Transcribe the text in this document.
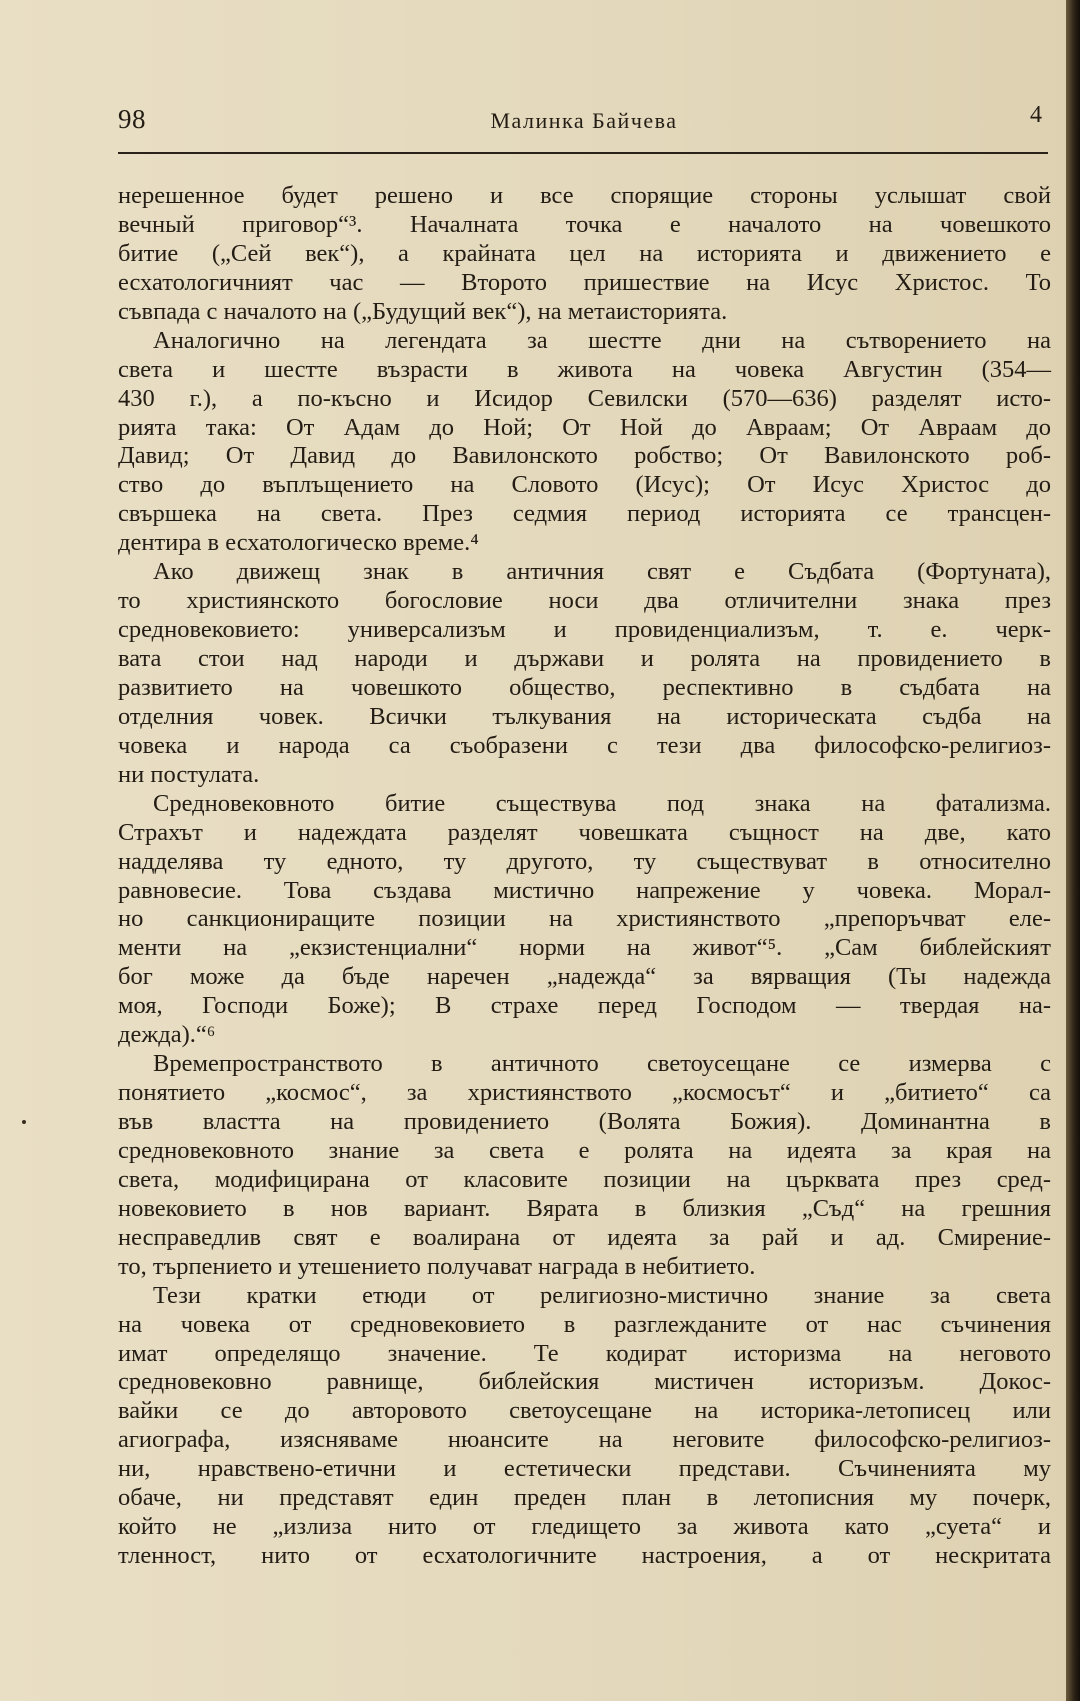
98	Малинка Байчева	4
нерешенное будет решено и все спорящие стороны услышат свой
вечный приговор“³. Началната точка е началото на човешкото
битие („Сей век“), а крайната цел на историята и движението е
есхатологичният час — Второто пришествие на Исус Христос. То
съвпада с началото на („Будущий век“), на метаисторията.
Аналогично на легендата за шестте дни на сътворението на
света и шестте възрасти в живота на човека Августин (354—
430 г.), а по-късно и Исидор Севилски (570—636) разделят исто-
рията така: От Адам до Ной; От Ной до Авраам; От Авраам до
Давид; От Давид до Вавилонското робство; От Вавилонското роб-
ство до въплъщението на Словото (Исус); От Исус Христос до
свършека на света. През седмия период историята се трансцен-
дентира в есхатологическо време.⁴
Ако движещ знак в античния свят е Съдбата (Фортуната),
то християнското богословие носи два отличителни знака през
средновековието: универсализъм и провиденциализъм, т. е. черк-
вата стои над народи и държави и ролята на провидението в
развитието на човешкото общество, респективно в съдбата на
отделния човек. Всички тълкувания на историческата съдба на
човека и народа са съобразени с тези два философско-религиоз-
ни постулата.
Средновековното битие съществува под знака на фатализма.
Страхът и надеждата разделят човешката същност на две, като
надделява ту едното, ту другото, ту съществуват в относително
равновесие. Това създава мистично напрежение у човека. Морал-
но санкциониращите позиции на християнството „препоръчват еле-
менти на „екзистенциални“ норми на живот“⁵. „Сам библейският
бог може да бъде наречен „надежда“ за вярващия (Ты надежда
моя, Господи Боже); В страхе перед Господом — твердая на-
дежда).“⁶
Времепространството в античното светоусещане се измерва с
понятието „космос“, за християнството „космосът“ и „битието“ са
във властта на провидението (Волята Божия). Доминантна в
средновековното знание за света е ролята на идеята за края на
света, модифицирана от класовите позиции на църквата през сред-
новековието в нов вариант. Вярата в близкия „Съд“ на грешния
несправедлив свят е воалирана от идеята за рай и ад. Смирение-
то, търпението и утешението получават награда в небитието.
Тези кратки етюди от религиозно-мистично знание за света
на човека от средновековието в разглежданите от нас съчинения
имат определящо значение. Те кодират историзма на неговото
средновековно равнище, библейския мистичен историзъм. Докос-
вайки се до авторовото светоусещане на историка-летописец или
агиографа, изясняваме нюансите на неговите философско-религиоз-
ни, нравствено-етични и естетически представи. Съчиненията му
обаче, ни представят един преден план в летописния му почерк,
който не „излиза нито от гледището за живота като „суета“ и
тленност, нито от есхатологичните настроения, а от нескритата
